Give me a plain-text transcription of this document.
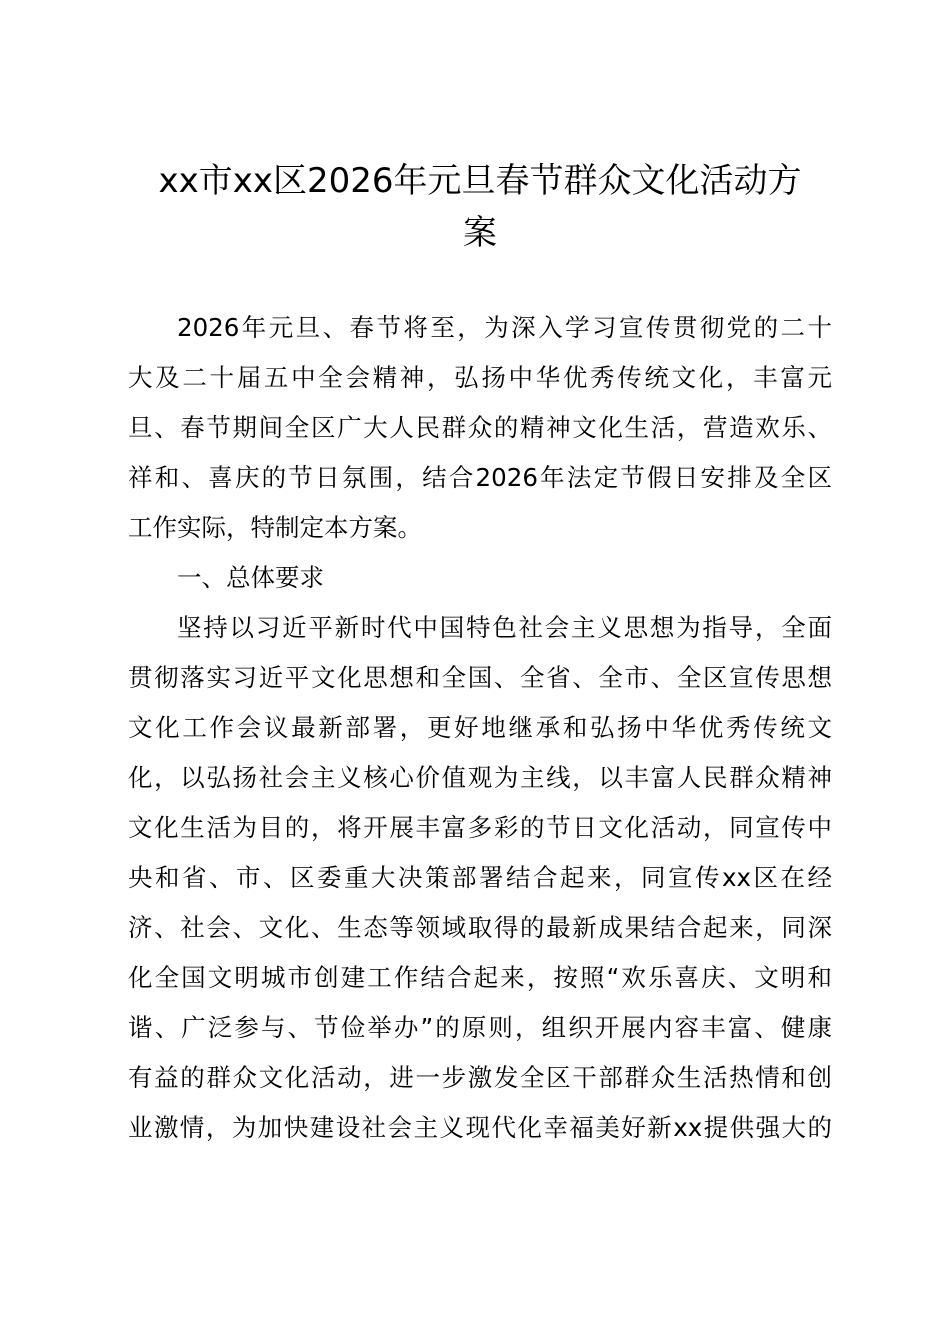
xx市xx区2026年元旦春节群众文化活动方
案
2026年元旦、春节将至，为深入学习宣传贯彻党的二十
大及二十届五中全会精神，弘扬中华优秀传统文化，丰富元
旦、春节期间全区广大人民群众的精神文化生活，营造欢乐、
祥和、喜庆的节日氛围，结合2026年法定节假日安排及全区
工作实际，特制定本方案。
一、总体要求
坚持以习近平新时代中国特色社会主义思想为指导，全面
贯彻落实习近平文化思想和全国、全省、全市、全区宣传思想
文化工作会议最新部署，更好地继承和弘扬中华优秀传统文
化，以弘扬社会主义核心价值观为主线，以丰富人民群众精神
文化生活为目的，将开展丰富多彩的节日文化活动，同宣传中
央和省、市、区委重大决策部署结合起来，同宣传xx区在经
济、社会、文化、生态等领域取得的最新成果结合起来，同深
化全国文明城市创建工作结合起来，按照“欢乐喜庆、文明和
谐、广泛参与、节俭举办”的原则，组织开展内容丰富、健康
有益的群众文化活动，进一步激发全区干部群众生活热情和创
业激情，为加快建设社会主义现代化幸福美好新xx提供强大的
